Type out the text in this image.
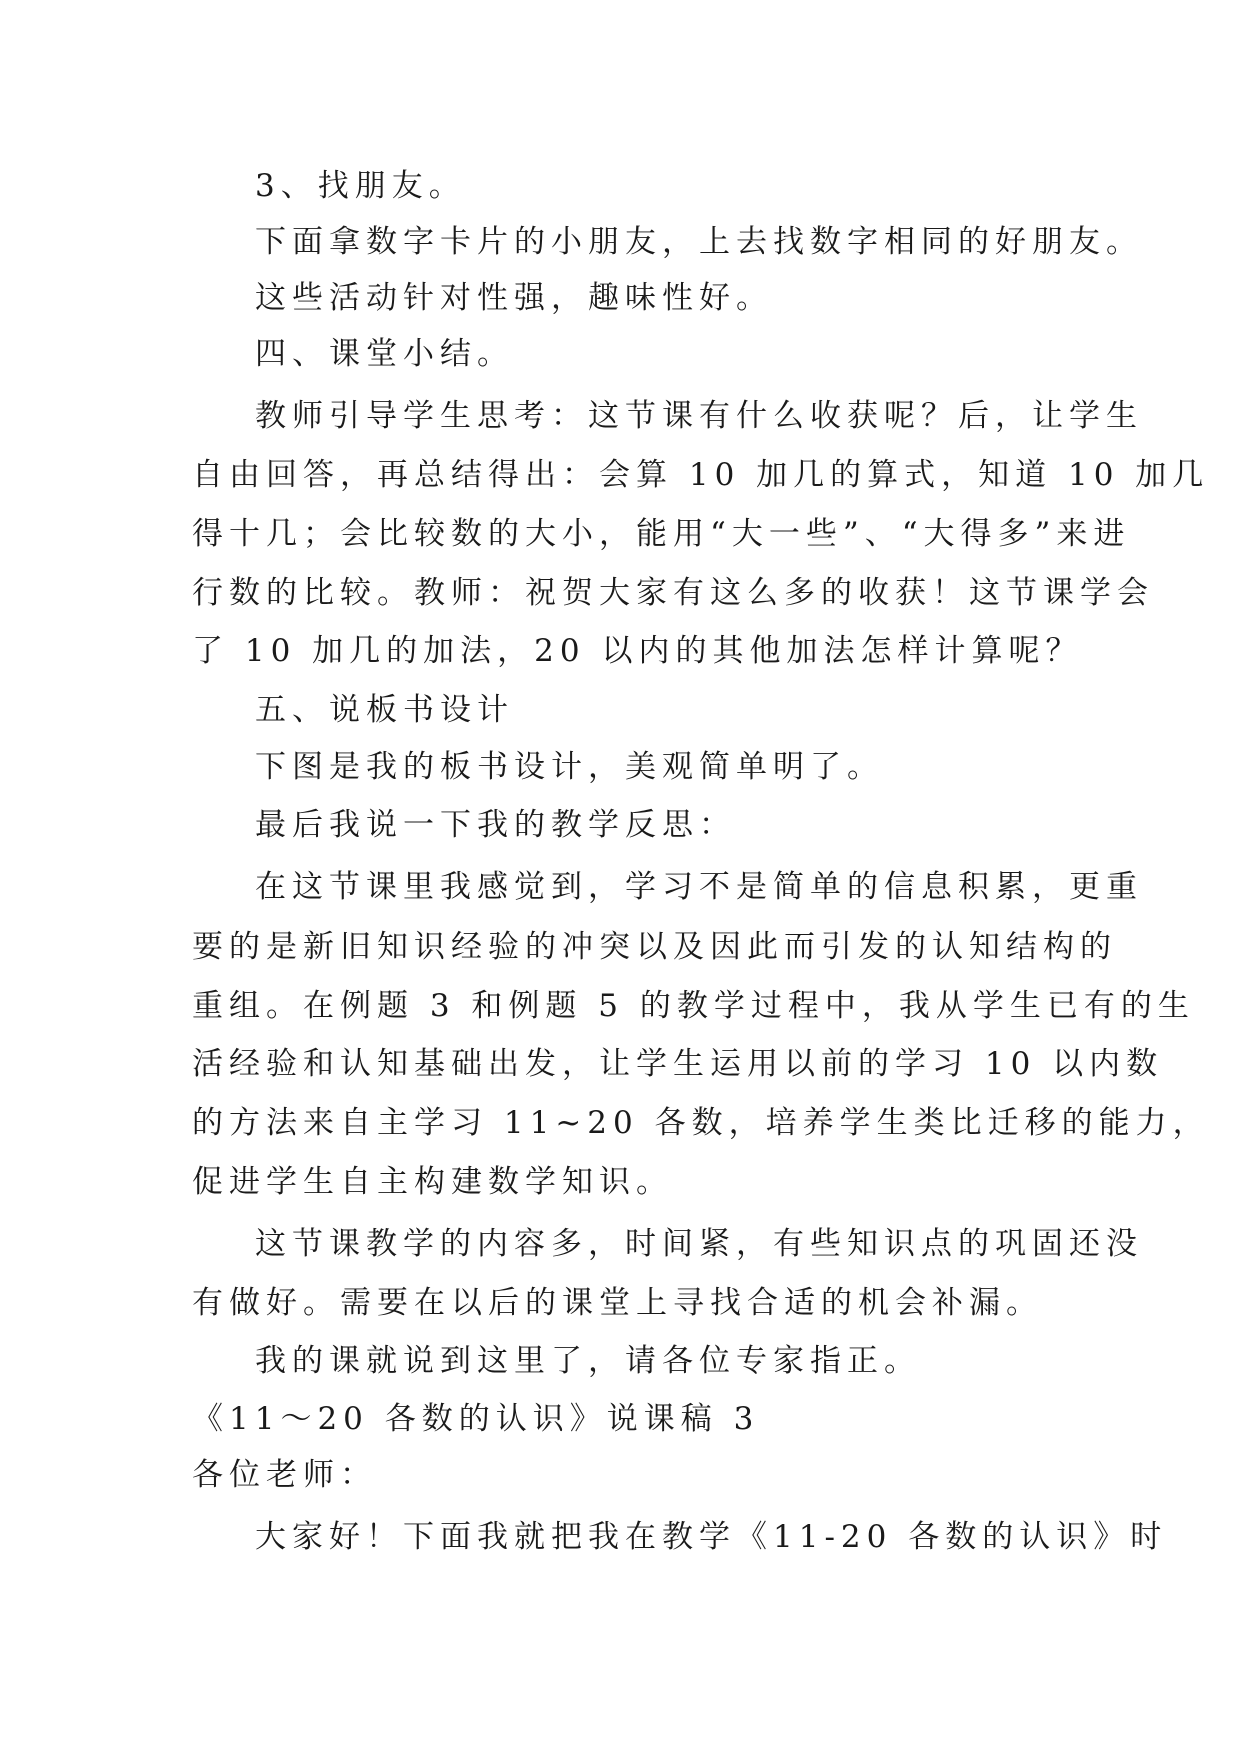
3、找朋友。
下面拿数字卡片的小朋友，上去找数字相同的好朋友。
这些活动针对性强，趣味性好。
四、课堂小结。
教师引导学生思考：这节课有什么收获呢？后，让学生
自由回答，再总结得出：会算 10 加几的算式，知道 10 加几
得十几；会比较数的大小，能用“大一些”、“大得多”来进
行数的比较。教师：祝贺大家有这么多的收获！这节课学会
了 10 加几的加法，20 以内的其他加法怎样计算呢？
五、说板书设计
下图是我的板书设计，美观简单明了。
最后我说一下我的教学反思：
在这节课里我感觉到，学习不是简单的信息积累，更重
要的是新旧知识经验的冲突以及因此而引发的认知结构的
重组。在例题 3 和例题 5 的教学过程中，我从学生已有的生
活经验和认知基础出发，让学生运用以前的学习 10 以内数
的方法来自主学习 11~20 各数，培养学生类比迁移的能力，
促进学生自主构建数学知识。
这节课教学的内容多，时间紧，有些知识点的巩固还没
有做好。需要在以后的课堂上寻找合适的机会补漏。
我的课就说到这里了，请各位专家指正。
《11～20 各数的认识》说课稿 3
各位老师：
大家好！下面我就把我在教学《11-20 各数的认识》时
